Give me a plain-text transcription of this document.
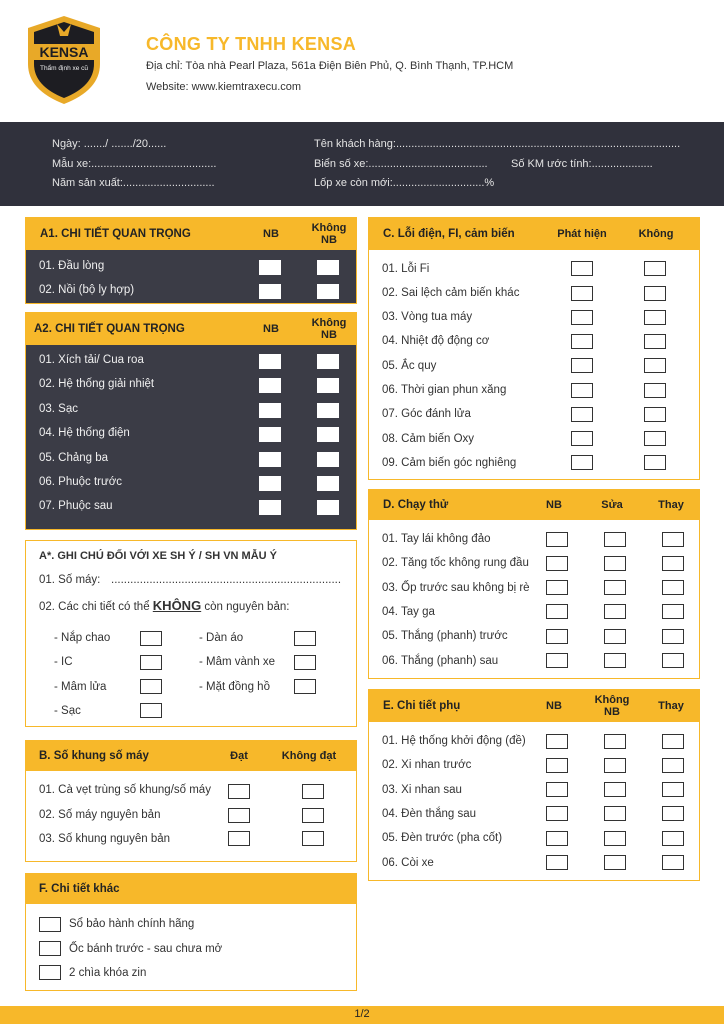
KENSA
Thẩm định xe cũ
CÔNG TY TNHH KENSA
Địa chỉ: Tòa nhà Pearl Plaza, 561a Điện Biên Phủ, Q. Bình Thạnh, TP.HCM
Website: www.kiemtraxecu.com
Ngày: ......./ ......./20......	Tên khách hàng:.............................................................................................
Mẫu xe:.........................................	Biển số xe:....................................... Số KM ước tính:....................
Năm sản xuất:..............................	Lốp xe còn mới:..............................%
A1. CHI TIẾT QUAN TRỌNG	NB	Không NB
01. Đầu lòng
02. Nồi (bộ ly hợp)
A2. CHI TIẾT QUAN TRỌNG	NB	Không NB
01. Xích tải/ Cua roa
02. Hệ thống giải nhiệt
03. Sạc
04. Hệ thống điện
05. Chảng ba
06. Phuộc trước
07. Phuộc sau
A*. GHI CHÚ ĐỐI VỚI XE SH Ý / SH VN MẪU Ý
01. Số máy: ........................................................................
02. Các chi tiết có thể KHÔNG còn nguyên bản:
- Nắp chao
- IC
- Mâm lửa
- Sạc
- Dàn áo
- Mâm vành xe
- Mặt đồng hồ
B. Số khung số máy	Đạt	Không đạt
01. Cà vẹt trùng số khung/số máy
02. Số máy nguyên bản
03. Số khung nguyên bản
F. Chi tiết khác
Sổ bảo hành chính hãng
Ốc bánh trước - sau chưa mở
2 chìa khóa zin
C. Lỗi điện, FI, cảm biến	Phát hiện	Không
01. Lỗi Fi
02. Sai lệch cảm biến khác
03. Vòng tua máy
04. Nhiệt độ động cơ
05. Ắc quy
06. Thời gian phun xăng
07. Góc đánh lửa
08. Cảm biến Oxy
09. Cảm biến góc nghiêng
D. Chạy thử	NB	Sửa	Thay
01. Tay lái không đảo
02. Tăng tốc không rung đầu
03. Ốp trước sau không bị rè
04. Tay ga
05. Thắng (phanh) trước
06. Thắng (phanh) sau
E. Chi tiết phụ	NB	Không NB	Thay
01. Hệ thống khởi động (đề)
02. Xi nhan trước
03. Xi nhan sau
04. Đèn thắng sau
05. Đèn trước (pha cốt)
06. Còi xe
1/2
